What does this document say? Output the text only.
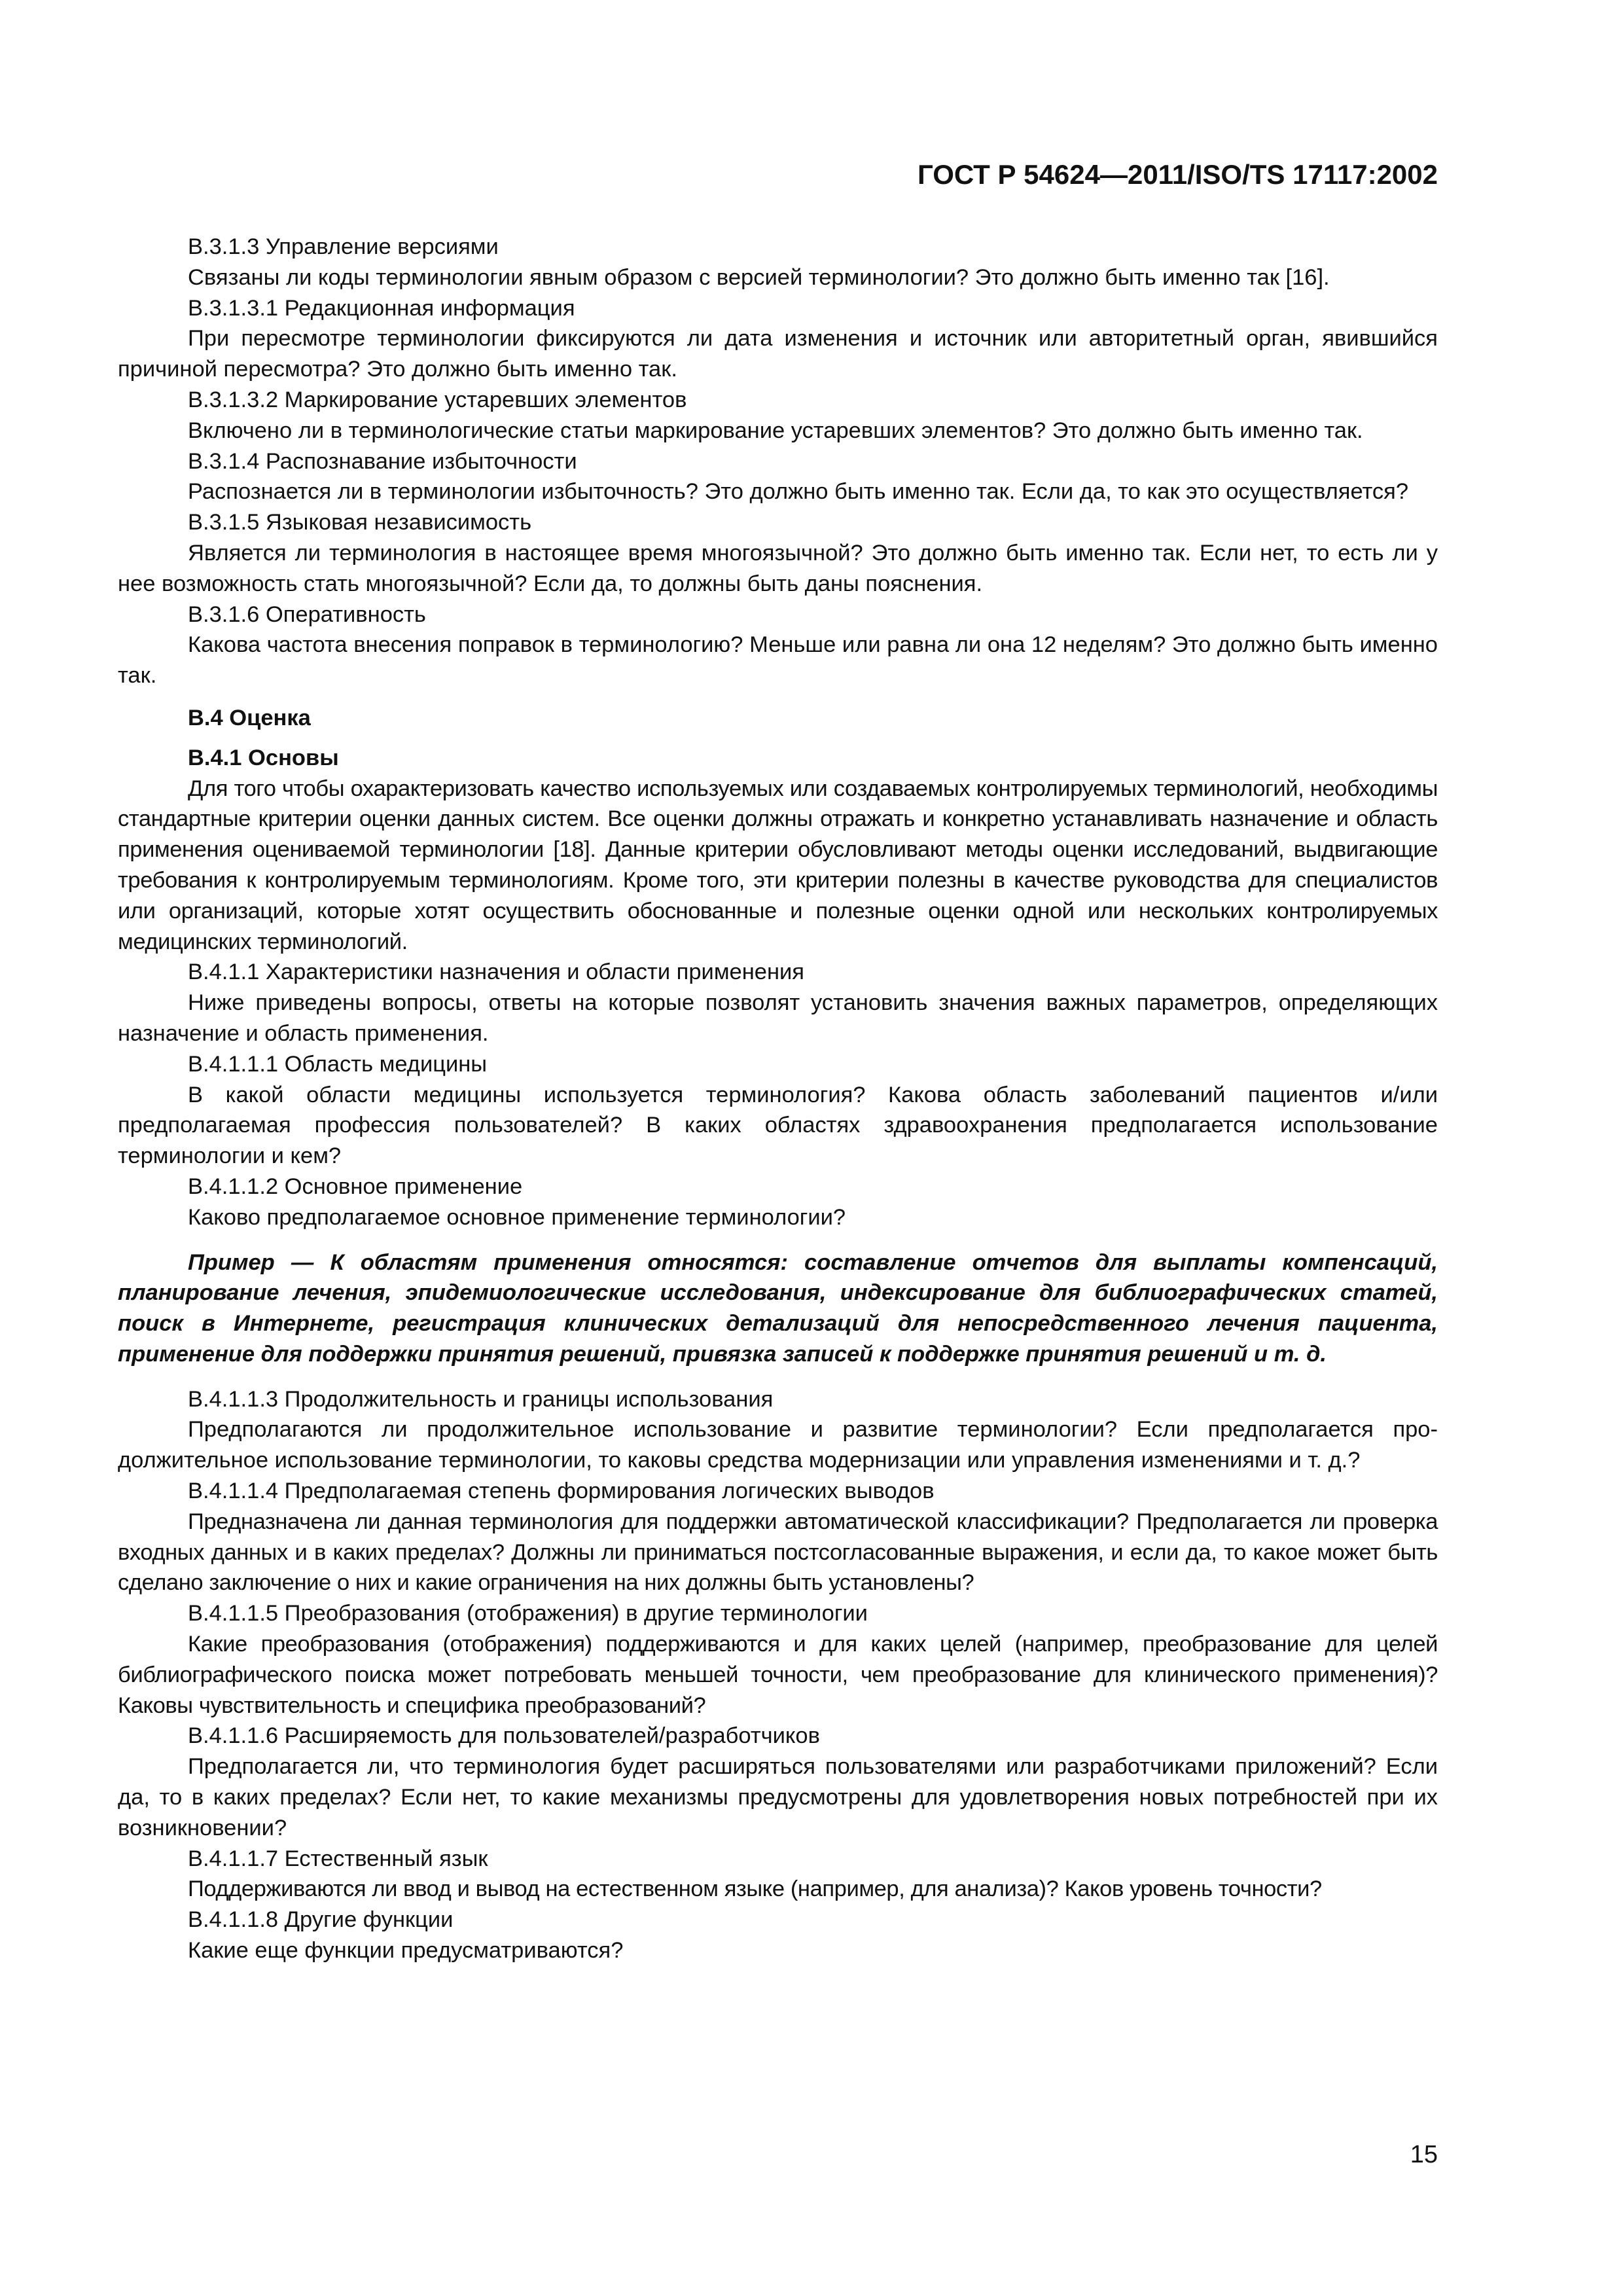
ГОСТ Р 54624—2011/ISO/TS 17117:2002

B.3.1.3 Управление версиями

Связаны ли коды терминологии явным образом с версией терминологии? Это должно быть именно так [16].

B.3.1.3.1 Редакционная информация

При пересмотре терминологии фиксируются ли дата изменения и источник или авторитетный орган, явившийся причиной пересмотра? Это должно быть именно так.

B.3.1.3.2 Маркирование устаревших элементов

Включено ли в терминологические статьи маркирование устаревших элементов? Это должно быть именно так.

B.3.1.4 Распознавание избыточности

Распознается ли в терминологии избыточность? Это должно быть именно так. Если да, то как это осуществляется?

B.3.1.5 Языковая независимость

Является ли терминология в настоящее время многоязычной? Это должно быть именно так. Если нет, то есть ли у нее возможность стать многоязычной? Если да, то должны быть даны пояснения.

B.3.1.6 Оперативность

Какова частота внесения поправок в терминологию? Меньше или равна ли она 12 неделям? Это должно быть именно так.

B.4 Оценка

B.4.1 Основы

Для того чтобы охарактеризовать качество используемых или создаваемых контролируемых терминологий, необходимы стандартные критерии оценки данных систем. Все оценки должны отражать и конкретно устанавливать назначение и область применения оцениваемой терминологии [18]. Данные критерии обусловливают методы оценки исследований, выдвигающие требования к контролируемым терминологиям. Кроме того, эти критерии полезны в качестве руководства для специалистов или организаций, которые хотят осуществить обоснованные и полезные оценки одной или нескольких контролируемых медицинских терминологий.

B.4.1.1 Характеристики назначения и области применения

Ниже приведены вопросы, ответы на которые позволят установить значения важных параметров, определяющих назначение и область применения.

B.4.1.1.1 Область медицины

В какой области медицины используется терминология? Какова область заболеваний пациентов и/или предполагаемая профессия пользователей? В каких областях здравоохранения предполагается использование терминологии и кем?

B.4.1.1.2 Основное применение

Каково предполагаемое основное применение терминологии?

Пример — К областям применения относятся: составление отчетов для выплаты компенсаций, планирование лечения, эпидемиологические исследования, индексирование для библиографических статей, поиск в Интернете, регистрация клинических детализаций для непосредственного лечения пациента, применение для поддержки принятия решений, привязка записей к поддержке принятия решений и т. д.

B.4.1.1.3 Продолжительность и границы использования

Предполагаются ли продолжительное использование и развитие терминологии? Если предполагается продолжительное использование терминологии, то каковы средства модернизации или управления изменениями и т. д.?

B.4.1.1.4 Предполагаемая степень формирования логических выводов

Предназначена ли данная терминология для поддержки автоматической классификации? Предполагается ли проверка входных данных и в каких пределах? Должны ли приниматься постсогласованные выражения, и если да, то какое может быть сделано заключение о них и какие ограничения на них должны быть установлены?

B.4.1.1.5 Преобразования (отображения) в другие терминологии

Какие преобразования (отображения) поддерживаются и для каких целей (например, преобразование для целей библиографического поиска может потребовать меньшей точности, чем преобразование для клинического применения)? Каковы чувствительность и специфика преобразований?

B.4.1.1.6 Расширяемость для пользователей/разработчиков

Предполагается ли, что терминология будет расширяться пользователями или разработчиками приложений? Если да, то в каких пределах? Если нет, то какие механизмы предусмотрены для удовлетворения новых потребностей при их возникновении?

B.4.1.1.7 Естественный язык

Поддерживаются ли ввод и вывод на естественном языке (например, для анализа)? Каков уровень точности?

B.4.1.1.8 Другие функции

Какие еще функции предусматриваются?

15
